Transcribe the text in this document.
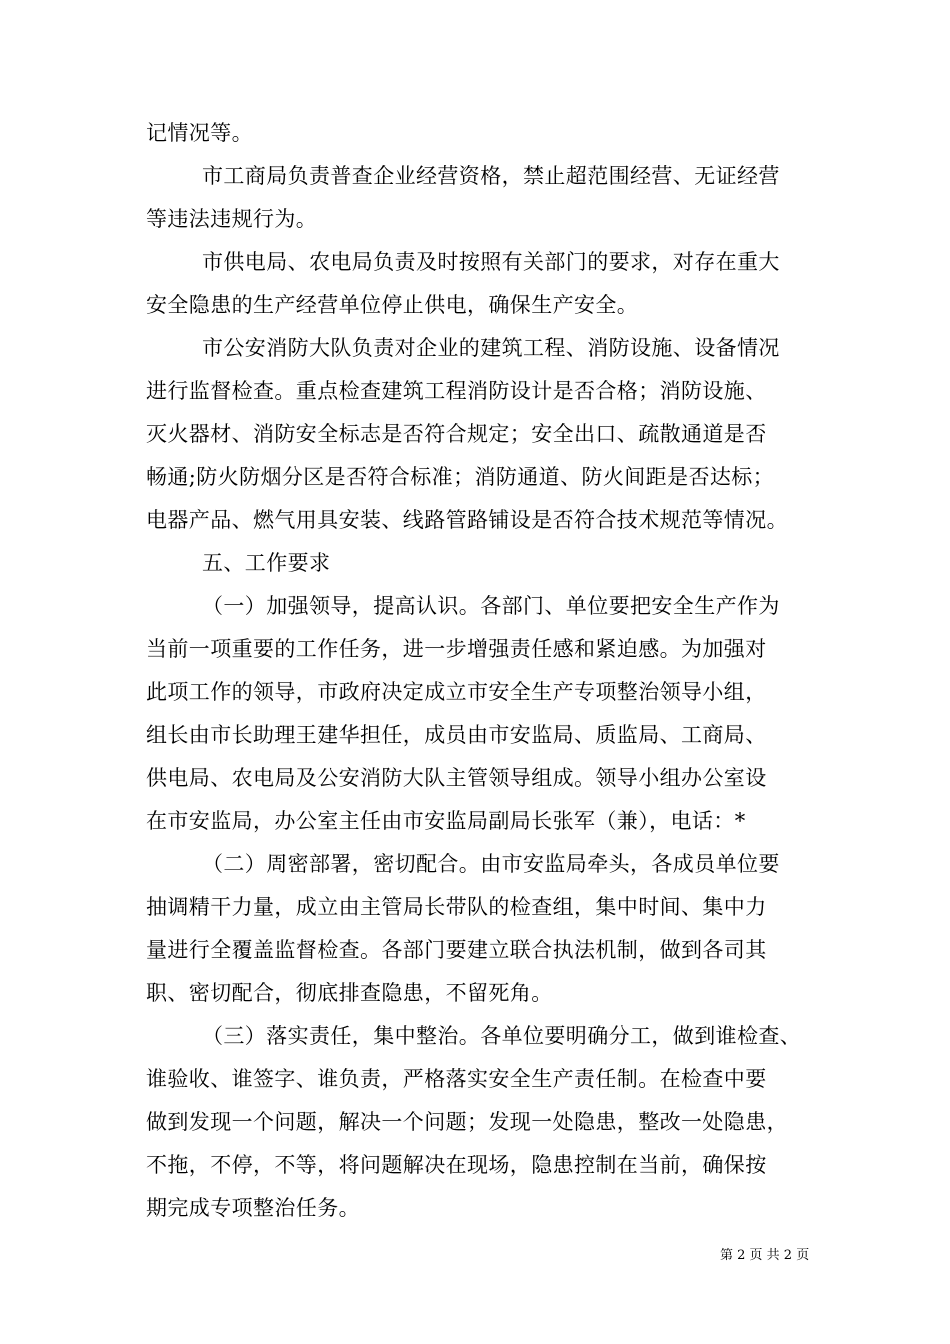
记情况等。
市工商局负责普查企业经营资格，禁止超范围经营、无证经营
等违法违规行为。
市供电局、农电局负责及时按照有关部门的要求，对存在重大
安全隐患的生产经营单位停止供电，确保生产安全。
市公安消防大队负责对企业的建筑工程、消防设施、设备情况
进行监督检查。重点检查建筑工程消防设计是否合格；消防设施、
灭火器材、消防安全标志是否符合规定；安全出口、疏散通道是否
畅通;防火防烟分区是否符合标准；消防通道、防火间距是否达标；
电器产品、燃气用具安装、线路管路铺设是否符合技术规范等情况。
五、工作要求
（一）加强领导，提高认识。各部门、单位要把安全生产作为
当前一项重要的工作任务，进一步增强责任感和紧迫感。为加强对
此项工作的领导，市政府决定成立市安全生产专项整治领导小组，
组长由市长助理王建华担任，成员由市安监局、质监局、工商局、
供电局、农电局及公安消防大队主管领导组成。领导小组办公室设
在市安监局，办公室主任由市安监局副局长张军（兼），电话：*
（二）周密部署，密切配合。由市安监局牵头，各成员单位要
抽调精干力量，成立由主管局长带队的检查组，集中时间、集中力
量进行全覆盖监督检查。各部门要建立联合执法机制，做到各司其
职、密切配合，彻底排查隐患，不留死角。
（三）落实责任，集中整治。各单位要明确分工，做到谁检查、
谁验收、谁签字、谁负责，严格落实安全生产责任制。在检查中要
做到发现一个问题，解决一个问题；发现一处隐患，整改一处隐患，
不拖，不停，不等，将问题解决在现场，隐患控制在当前，确保按
期完成专项整治任务。
第 2 页 共 2 页
